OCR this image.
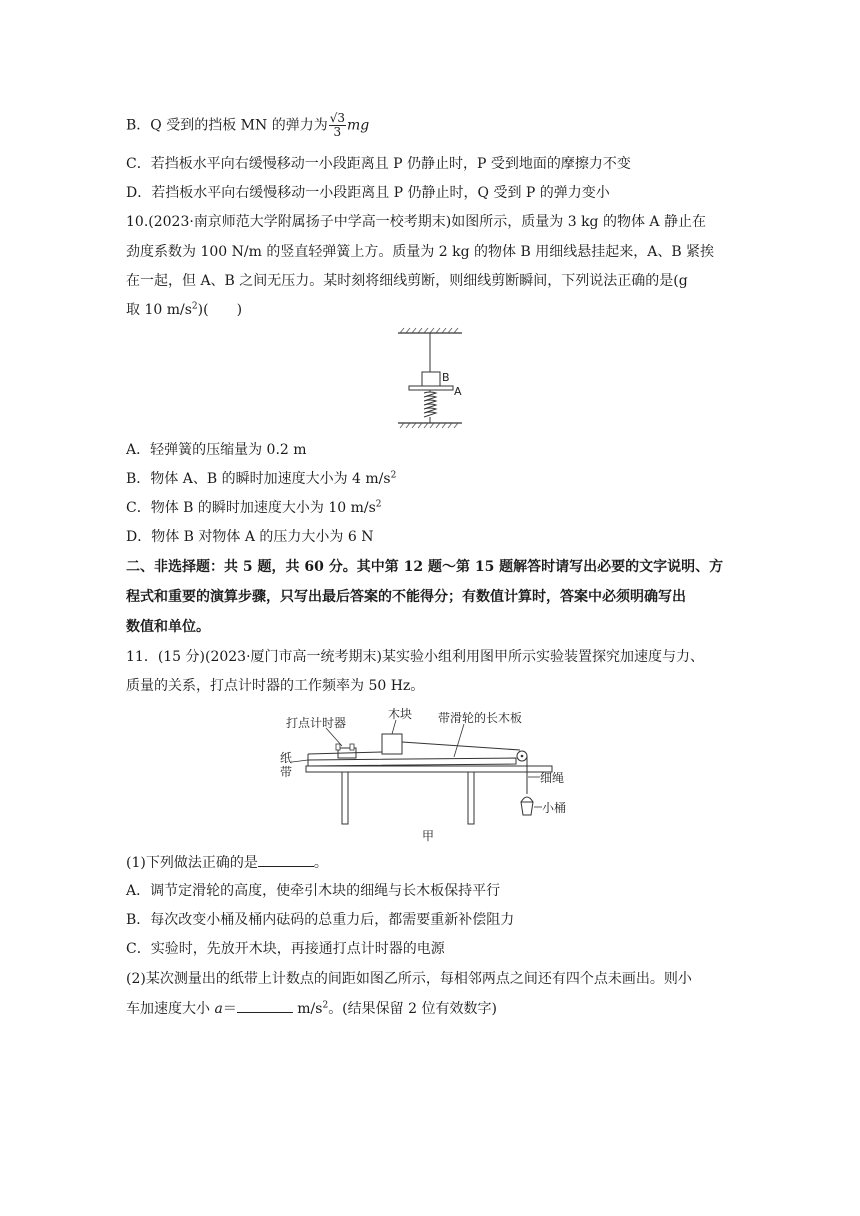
B．Q 受到的挡板 MN 的弹力为 $\frac{√3}{3}$ mg
C．若挡板水平向右缓慢移动一小段距离且 P 仍静止时，P 受到地面的摩擦力不变
D．若挡板水平向右缓慢移动一小段距离且 P 仍静止时，Q 受到 P 的弹力变小
10.(2023·南京师范大学附属扬子中学高一校考期末)如图所示，质量为 3 kg 的物体 A 静止在
劲度系数为 100 N/m 的竖直轻弹簧上方。质量为 2 kg 的物体 B 用细线悬挂起来，A、B 紧挨
在一起，但 A、B 之间无压力。某时刻将细线剪断，则细线剪断瞬间，下列说法正确的是(g
取 10 $m/s^2$)(　　)
B
A
A．轻弹簧的压缩量为 0.2 m
B．物体 A、B 的瞬时加速度大小为 4 $m/s^2$
C．物体 B 的瞬时加速度大小为 10 $m/s^2$
D．物体 B 对物体 A 的压力大小为 6 N
二、非选择题：共 5 题，共 60 分。其中第 12 题～第 15 题解答时请写出必要的文字说明、方
程式和重要的演算步骤，只写出最后答案的不能得分；有数值计算时，答案中必须明确写出
数值和单位。
11．(15 分)(2023·厦门市高一统考期末)某实验小组利用图甲所示实验装置探究加速度与力、
质量的关系，打点计时器的工作频率为 50 Hz。
打点计时器
木块 带滑轮的长木板
纸
带	细绳
小桶
甲
(1)下列做法正确的是	。
A．调节定滑轮的高度，使牵引木块的细绳与长木板保持平行
B．每次改变小桶及桶内砝码的总重力后，都需要重新补偿阻力
C．实验时，先放开木块，再接通打点计时器的电源
(2)某次测量出的纸带上计数点的间距如图乙所示，每相邻两点之间还有四个点未画出。则小
车加速度大小 a＝	$m/s^2$。(结果保留 2 位有效数字)
